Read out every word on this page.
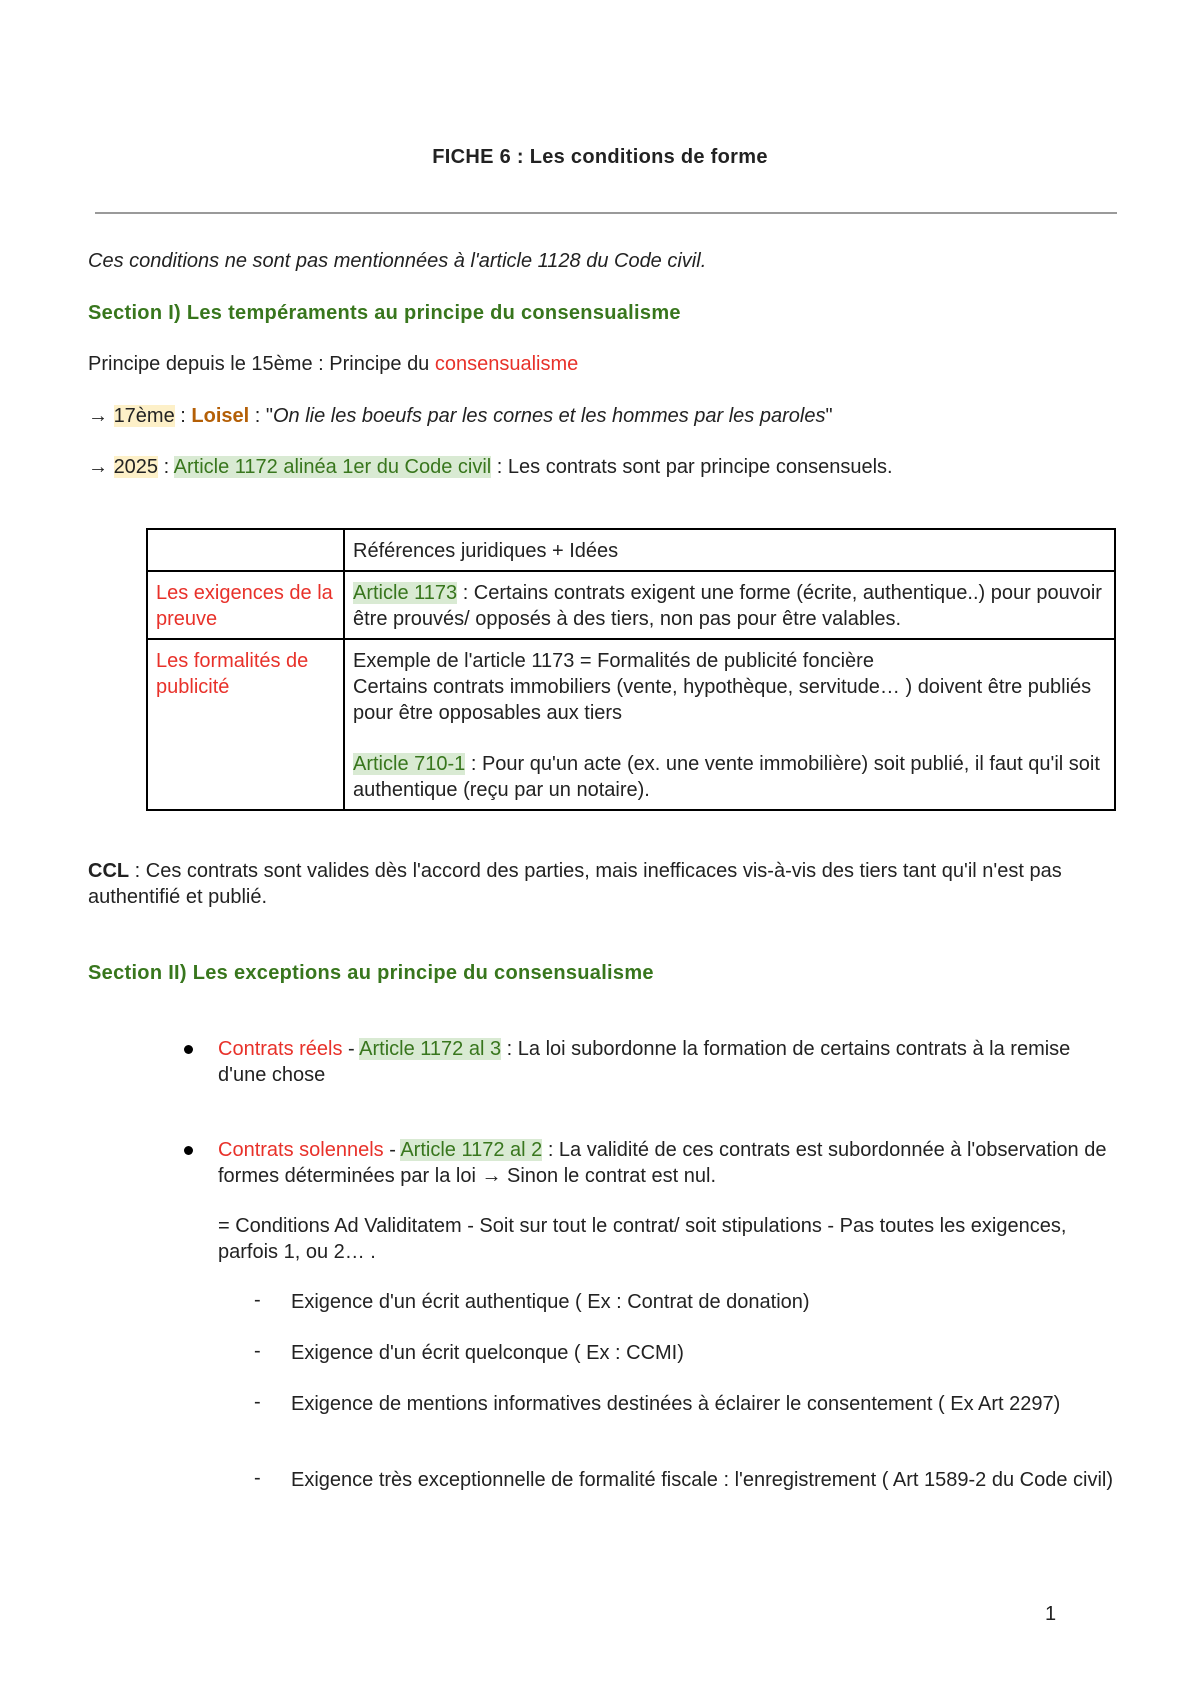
FICHE 6 : Les conditions de forme
Ces conditions ne sont pas mentionnées à l'article 1128 du Code civil.
Section I) Les tempéraments au principe du consensualisme
Principe depuis le 15ème : Principe du consensualisme
→ 17ème : Loisel : "On lie les boeufs par les cornes et les hommes par les paroles"
→ 2025 : Article 1172 alinéa 1er du Code civil : Les contrats sont par principe consensuels.
	Références juridiques + Idées
Les exigences de la preuve	Article 1173 : Certains contrats exigent une forme (écrite, authentique..) pour pouvoir être prouvés/ opposés à des tiers, non pas pour être valables.
Les formalités de publicité	Exemple de l'article 1173 = Formalités de publicité foncière
Certains contrats immobiliers (vente, hypothèque, servitude… ) doivent être publiés pour être opposables aux tiers
Article 710-1 : Pour qu'un acte (ex. une vente immobilière) soit publié, il faut qu'il soit authentique (reçu par un notaire).
CCL : Ces contrats sont valides dès l'accord des parties, mais inefficaces vis-à-vis des tiers tant qu'il n'est pas authentifié et publié.
Section II) Les exceptions au principe du consensualisme
Contrats réels - Article 1172 al 3 : La loi subordonne la formation de certains contrats à la remise d'une chose
Contrats solennels - Article 1172 al 2 : La validité de ces contrats est subordonnée à l'observation de formes déterminées par la loi → Sinon le contrat est nul.
= Conditions Ad Validitatem - Soit sur tout le contrat/ soit stipulations - Pas toutes les exigences, parfois 1, ou 2… .
- Exigence d'un écrit authentique ( Ex : Contrat de donation)
- Exigence d'un écrit quelconque ( Ex : CCMI)
- Exigence de mentions informatives destinées à éclairer le consentement ( Ex Art 2297)
- Exigence très exceptionnelle de formalité fiscale : l'enregistrement ( Art 1589-2 du Code civil)
1
